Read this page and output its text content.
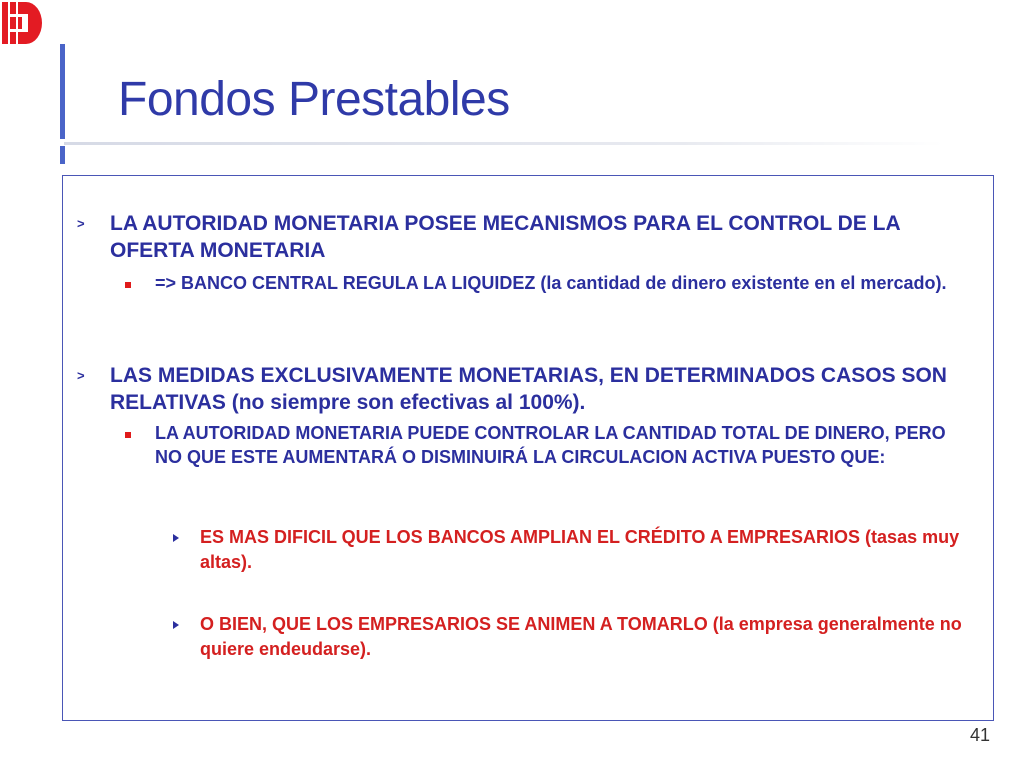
Fondos Prestables
> LA AUTORIDAD MONETARIA POSEE MECANISMOS PARA EL CONTROL DE LA OFERTA MONETARIA
=> BANCO CENTRAL REGULA LA LIQUIDEZ (la cantidad de dinero existente en el mercado).
> LAS MEDIDAS EXCLUSIVAMENTE MONETARIAS, EN DETERMINADOS CASOS SON RELATIVAS (no siempre son efectivas al 100%).
LA AUTORIDAD MONETARIA PUEDE CONTROLAR LA CANTIDAD TOTAL DE DINERO, PERO NO QUE ESTE AUMENTARÁ O DISMINUIRÁ LA CIRCULACION ACTIVA PUESTO QUE:
ES MAS DIFICIL QUE LOS BANCOS AMPLIAN EL CRÉDITO A EMPRESARIOS (tasas muy altas).
O BIEN, QUE LOS EMPRESARIOS SE ANIMEN A TOMARLO (la empresa generalmente no quiere endeudarse).
41
